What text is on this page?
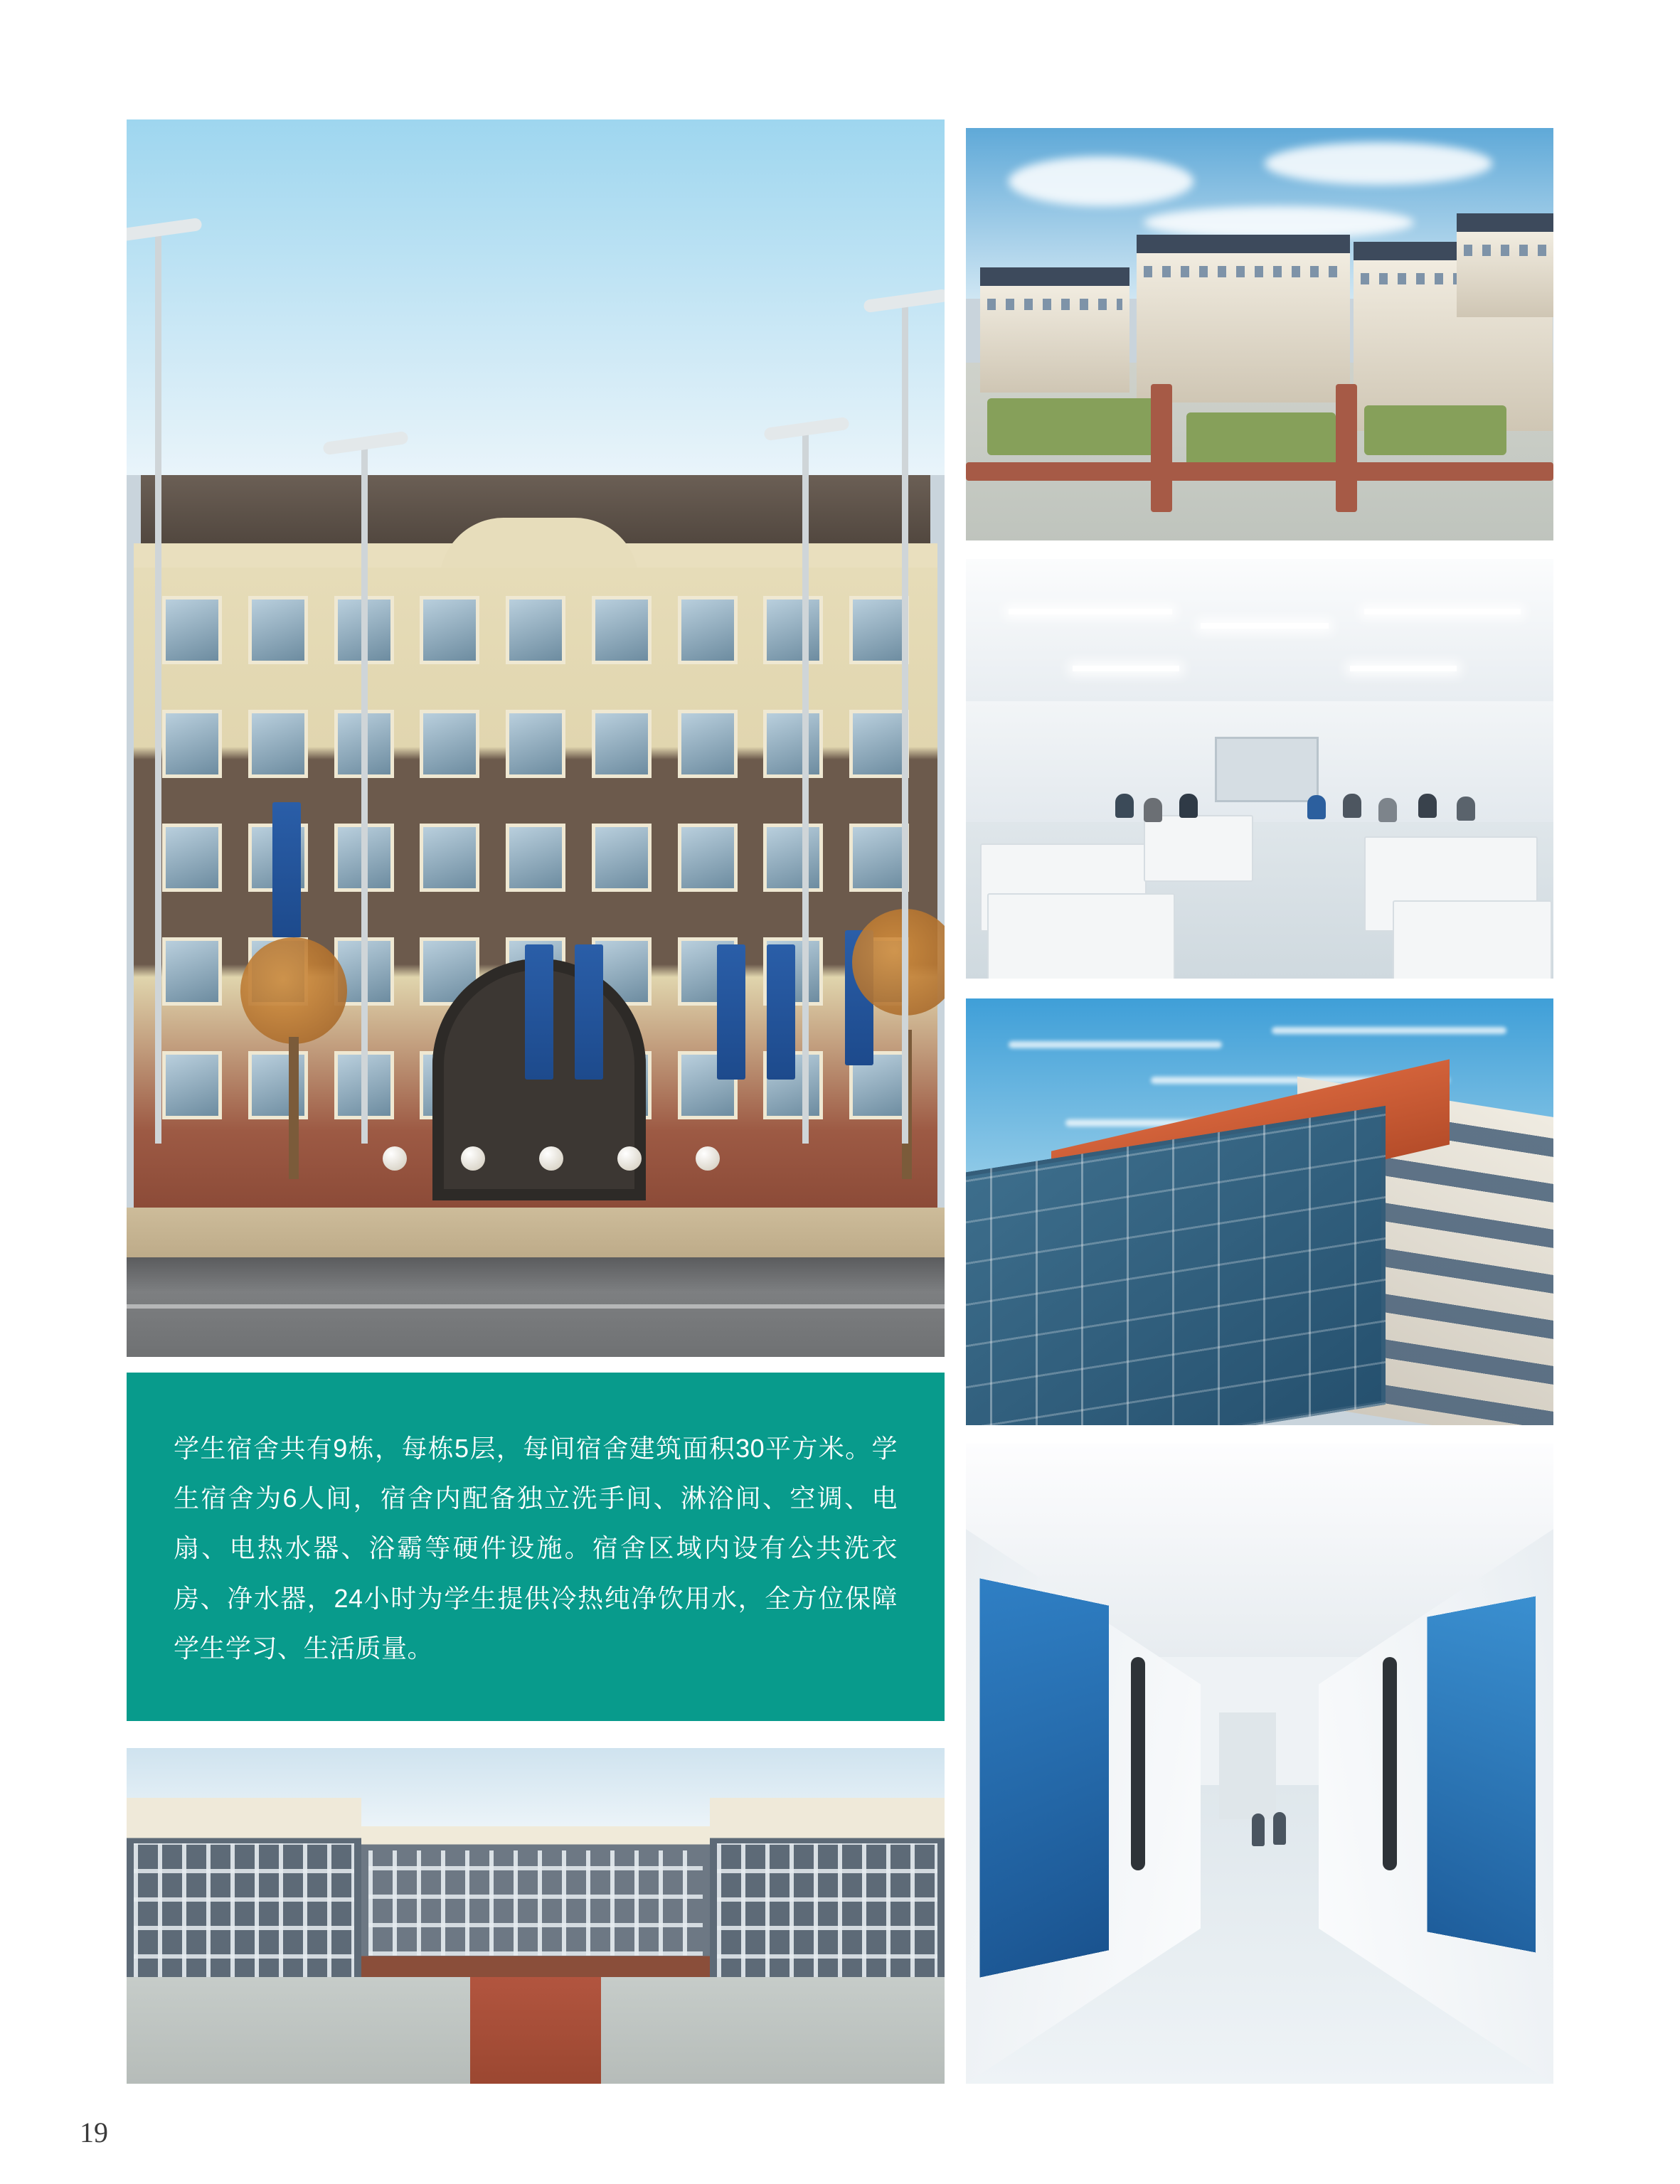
学生宿舍共有9栋，每栋5层，每间宿舍建筑面积30平方米。学生宿舍为6人间，宿舍内配备独立洗手间、淋浴间、空调、电扇、电热水器、浴霸等硬件设施。宿舍区域内设有公共洗衣房、净水器，24小时为学生提供冷热纯净饮用水，全方位保障学生学习、生活质量。

19
